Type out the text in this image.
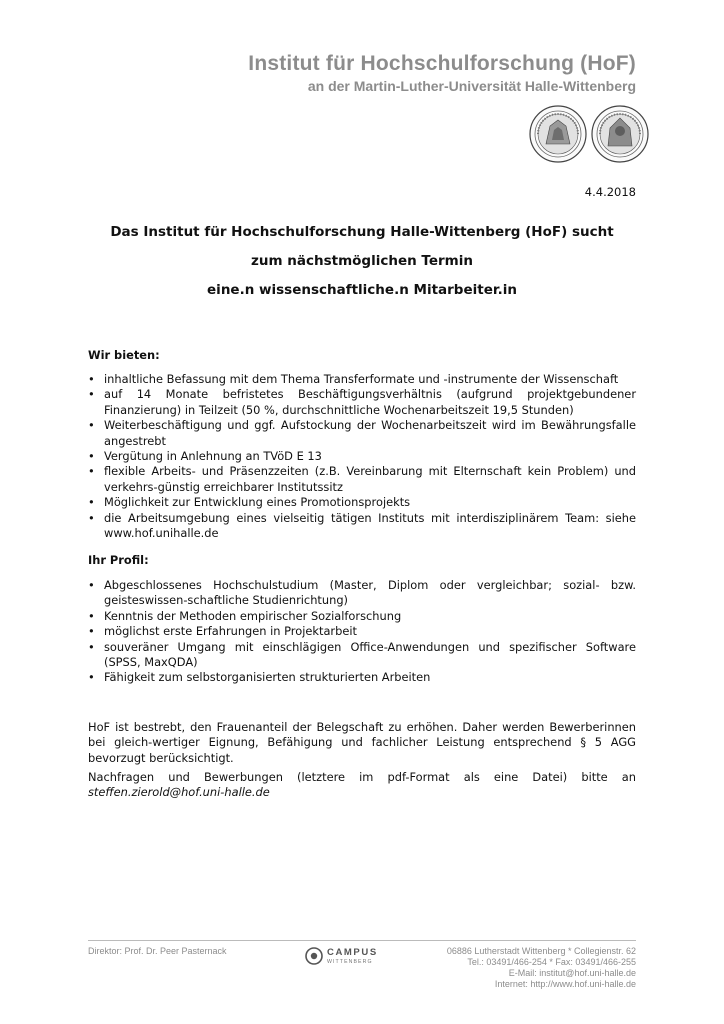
Institut für Hochschulforschung (HoF)
an der Martin-Luther-Universität Halle-Wittenberg
4.4.2018
Das Institut für Hochschulforschung Halle-Wittenberg (HoF) sucht
zum nächstmöglichen Termin
eine.n wissenschaftliche.n Mitarbeiter.in
Wir bieten:
• inhaltliche Befassung mit dem Thema Transferformate und -instrumente der Wissenschaft
• auf 14 Monate befristetes Beschäftigungsverhältnis (aufgrund projektgebundener Finanzierung) in Teilzeit (50 %, durchschnittliche Wochenarbeitszeit 19,5 Stunden)
• Weiterbeschäftigung und ggf. Aufstockung der Wochenarbeitszeit wird im Bewährungsfalle angestrebt
• Vergütung in Anlehnung an TVöD E 13
• flexible Arbeits- und Präsenzzeiten (z.B. Vereinbarung mit Elternschaft kein Problem) und verkehrs-günstig erreichbarer Institutssitz
• Möglichkeit zur Entwicklung eines Promotionsprojekts
• die Arbeitsumgebung eines vielseitig tätigen Instituts mit interdisziplinärem Team: siehe www.hof.unihalle.de
Ihr Profil:
• Abgeschlossenes Hochschulstudium (Master, Diplom oder vergleichbar; sozial- bzw. geisteswissen-schaftliche Studienrichtung)
• Kenntnis der Methoden empirischer Sozialforschung
• möglichst erste Erfahrungen in Projektarbeit
• souveräner Umgang mit einschlägigen Office-Anwendungen und spezifischer Software (SPSS, MaxQDA)
• Fähigkeit zum selbstorganisierten strukturierten Arbeiten
HoF ist bestrebt, den Frauenanteil der Belegschaft zu erhöhen. Daher werden Bewerberinnen bei gleich-wertiger Eignung, Befähigung und fachlicher Leistung entsprechend § 5 AGG bevorzugt berücksichtigt.
Nachfragen und Bewerbungen (letztere im pdf-Format als eine Datei) bitte an steffen.zierold@hof.uni-halle.de
Direktor: Prof. Dr. Peer Pasternack	CAMPUS
WITTENBERG
06886 Lutherstadt Wittenberg * Collegienstr. 62
Tel.: 03491/466-254 * Fax: 03491/466-255
E-Mail: institut@hof.uni-halle.de
Internet: http://www.hof.uni-halle.de
